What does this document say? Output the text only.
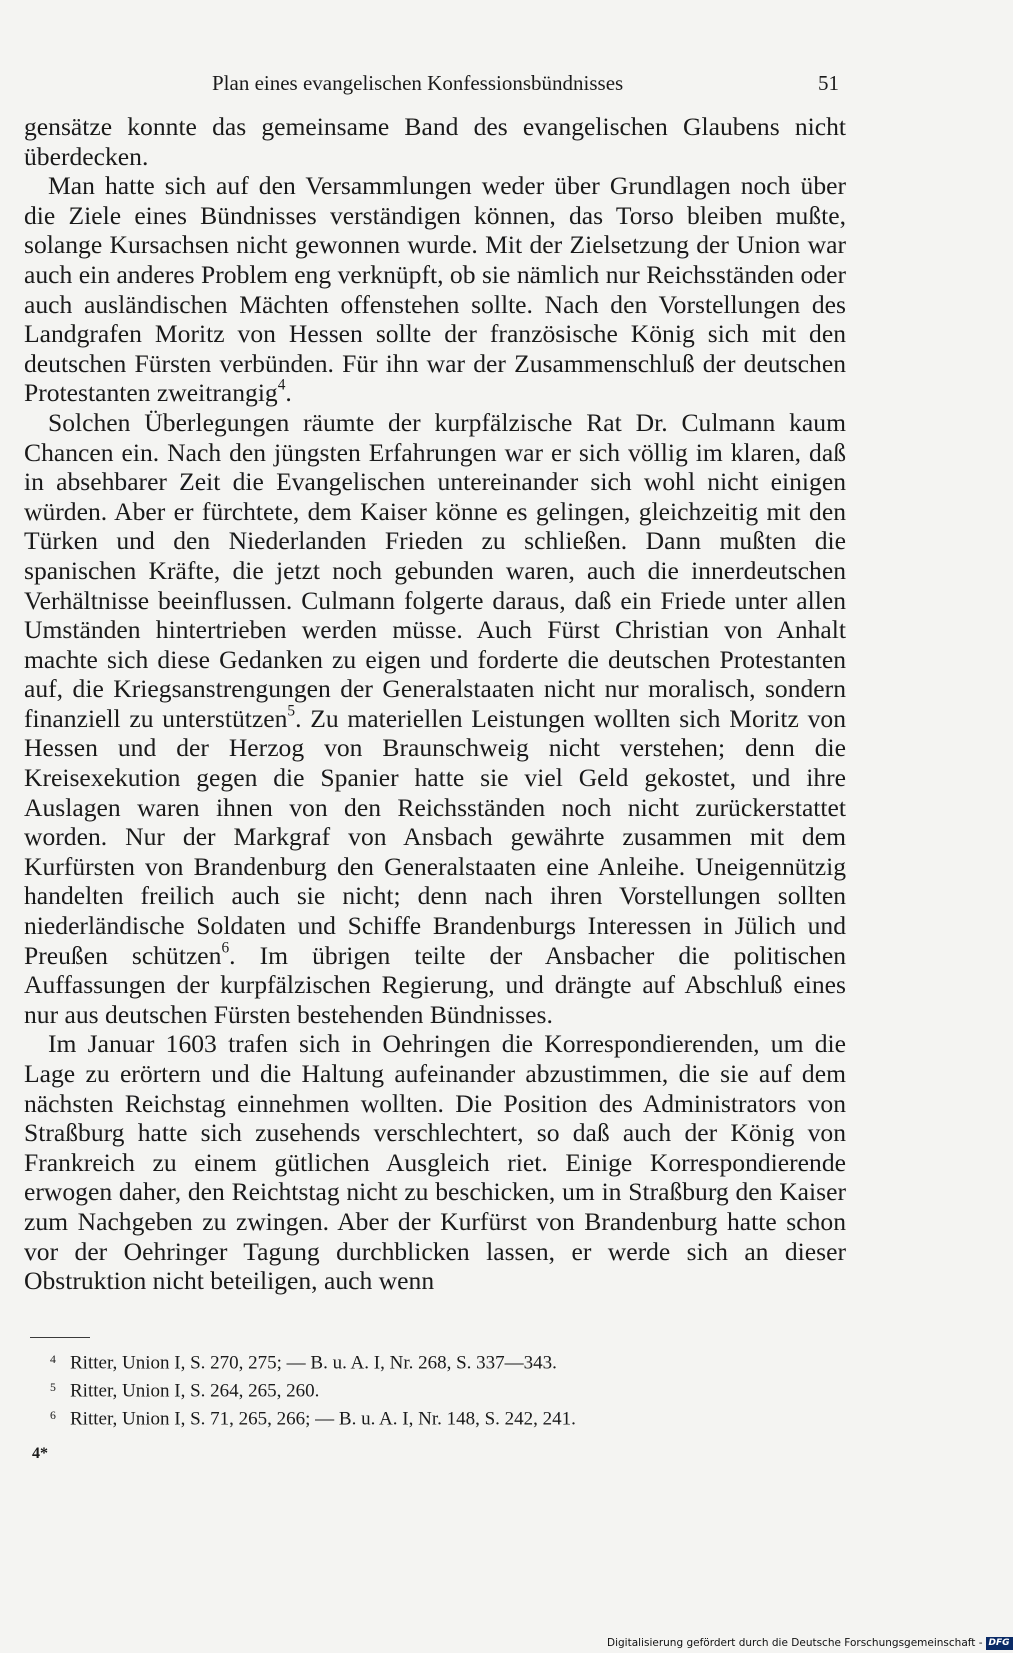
Plan eines evangelischen Konfessionsbündnisses	51

gensätze konnte das gemeinsame Band des evangelischen Glaubens nicht überdecken.

Man hatte sich auf den Versammlungen weder über Grundlagen noch über die Ziele eines Bündnisses verständigen können, das Torso bleiben mußte, solange Kursachsen nicht gewonnen wurde. Mit der Zielsetzung der Union war auch ein anderes Problem eng verknüpft, ob sie nämlich nur Reichsständen oder auch ausländischen Mächten offenstehen sollte. Nach den Vorstellungen des Landgrafen Moritz von Hessen sollte der französische König sich mit den deutschen Fürsten verbünden. Für ihn war der Zusammenschluß der deutschen Protestanten zweitrangig$^4$.

Solchen Überlegungen räumte der kurpfälzische Rat Dr. Culmann kaum Chancen ein. Nach den jüngsten Erfahrungen war er sich völlig im klaren, daß in absehbarer Zeit die Evangelischen untereinander sich wohl nicht einigen würden. Aber er fürchtete, dem Kaiser könne es gelingen, gleichzeitig mit den Türken und den Niederlanden Frieden zu schließen. Dann mußten die spanischen Kräfte, die jetzt noch gebunden waren, auch die innerdeutschen Verhältnisse beeinflussen. Culmann folgerte daraus, daß ein Friede unter allen Umständen hintertrieben werden müsse. Auch Fürst Christian von Anhalt machte sich diese Gedanken zu eigen und forderte die deutschen Protestanten auf, die Kriegsanstrengungen der Generalstaaten nicht nur moralisch, sondern finanziell zu unterstützen$^5$. Zu materiellen Leistungen wollten sich Moritz von Hessen und der Herzog von Braunschweig nicht verstehen; denn die Kreisexekution gegen die Spanier hatte sie viel Geld gekostet, und ihre Auslagen waren ihnen von den Reichsständen noch nicht zurückerstattet worden. Nur der Markgraf von Ansbach gewährte zusammen mit dem Kurfürsten von Brandenburg den Generalstaaten eine Anleihe. Uneigennützig handelten freilich auch sie nicht; denn nach ihren Vorstellungen sollten niederländische Soldaten und Schiffe Brandenburgs Interessen in Jülich und Preußen schützen$^6$. Im übrigen teilte der Ansbacher die politischen Auffassungen der kurpfälzischen Regierung, und drängte auf Abschluß eines nur aus deutschen Fürsten bestehenden Bündnisses.

Im Januar 1603 trafen sich in Oehringen die Korrespondierenden, um die Lage zu erörtern und die Haltung aufeinander abzustimmen, die sie auf dem nächsten Reichstag einnehmen wollten. Die Position des Administrators von Straßburg hatte sich zusehends verschlechtert, so daß auch der König von Frankreich zu einem gütlichen Ausgleich riet. Einige Korrespondierende erwogen daher, den Reichtstag nicht zu beschicken, um in Straßburg den Kaiser zum Nachgeben zu zwingen. Aber der Kurfürst von Brandenburg hatte schon vor der Oehringer Tagung durchblicken lassen, er werde sich an dieser Obstruktion nicht beteiligen, auch wenn

4 Ritter, Union I, S. 270, 275; — B. u. A. I, Nr. 268, S. 337—343.
5 Ritter, Union I, S. 264, 265, 260.
6 Ritter, Union I, S. 71, 265, 266; — B. u. A. I, Nr. 148, S. 242, 241.
4*
Digitalisierung gefördert durch die Deutsche Forschungsgemeinschaft - DFG
